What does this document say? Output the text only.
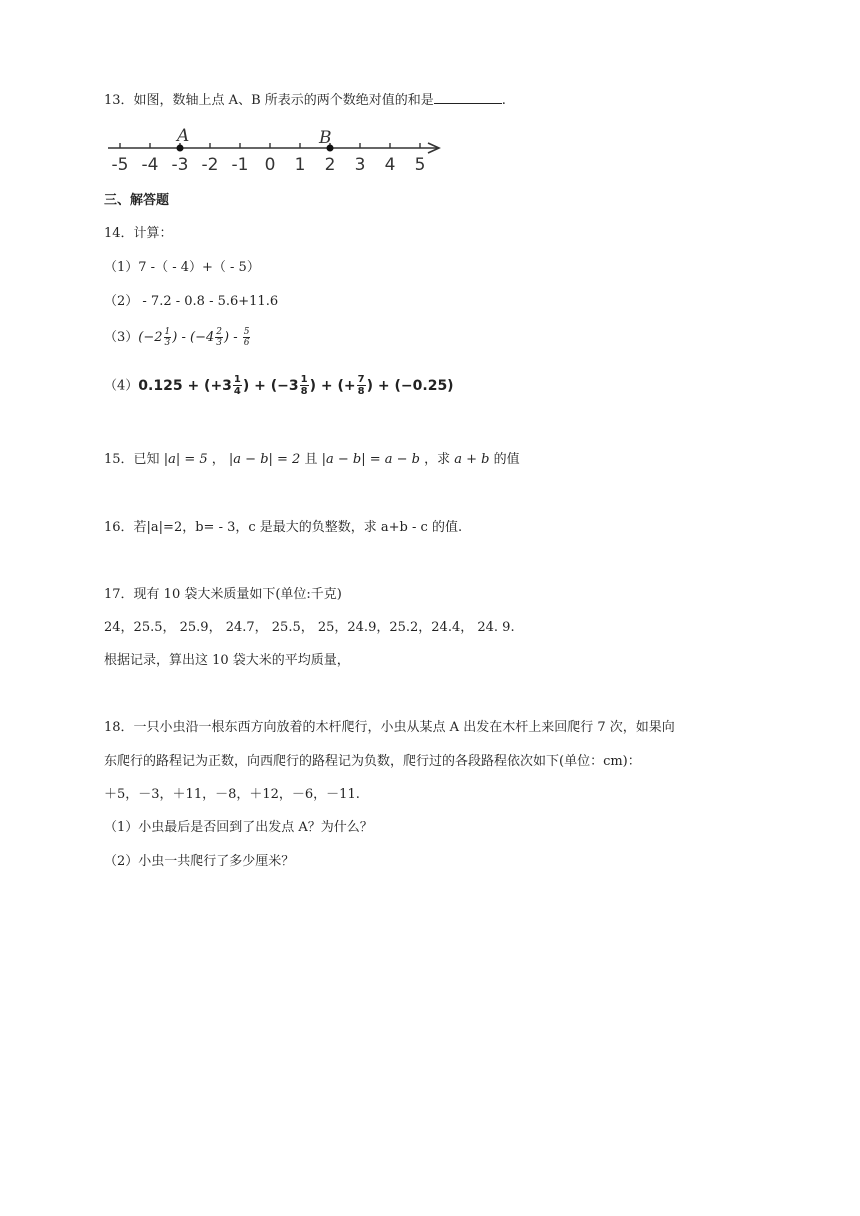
13．如图，数轴上点 A、B 所表示的两个数绝对值的和是	.
-5 -4 -3 -2 -1 0 1 2 3 4 5
A	B
三、解答题
14．计算：
（1）7 -（ - 4）+（ - 5）
（2） - 7.2 - 0.8 - 5.6+11.6
$(3)(-2 \frac{1}{3}$ ) - ($-4 \frac{2}{3}$ ) - $\frac{5}{6}$
$(4)0.125 + (+3 \frac{1}{4}$ ) + ($-3 \frac{1}{8}$ ) + (+ $\frac{7}{8}$ ) + (−0.25)
15．已知 |a| = 5 ， |a − b| = 2 且 |a − b| = a − b ，求 a + b 的值
16．若|a|=2，b= - 3，c 是最大的负整数，求 a+b - c 的值.
17．现有 10 袋大米质量如下(单位:千克)
24，25.5， 25.9， 24.7， 25.5， 25，24.9，25.2，24.4， 24. 9.
根据记录，算出这 10 袋大米的平均质量，
18．一只小虫沿一根东西方向放着的木杆爬行，小虫从某点 A 出发在木杆上来回爬行 7 次，如果向
东爬行的路程记为正数，向西爬行的路程记为负数，爬行过的各段路程依次如下(单位：cm)：
＋5，－3，＋11，－8，＋12，－6，－11.
（1）小虫最后是否回到了出发点 A？为什么？
（2）小虫一共爬行了多少厘米？
